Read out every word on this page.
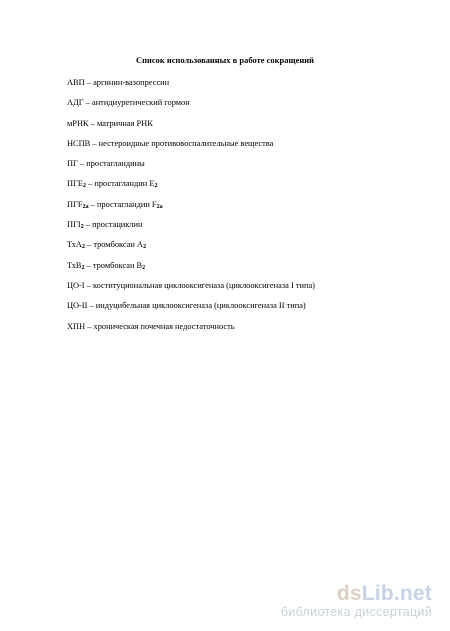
Список использованных в работе сокращений
АВП – аргинин-вазопрессин
АДГ – антидиуретический гормон
мРНК – матричная РНК
НСПВ – нестероидные противовоспалительные вещества
ПГ – простагландины
$ПГЕ_2$ – простагландин $Е_2$
$ПГF_{2a}$ – простагландин $F_{2a}$
$ПГI_2$ – простациклин
ТхА$_2$ – тромбоксан $А_2$
ТхВ$_2$ – тромбоксан $В_2$
ЦО-I – коституциональная циклооксигеназа (циклооксигеназа I типа)
ЦО-II – индуцибельная циклооксигеназа (циклооксигеназа II типа)
ХПН – хроническая почечная недостаточность
dsLib.net
библиотека диссертаций
